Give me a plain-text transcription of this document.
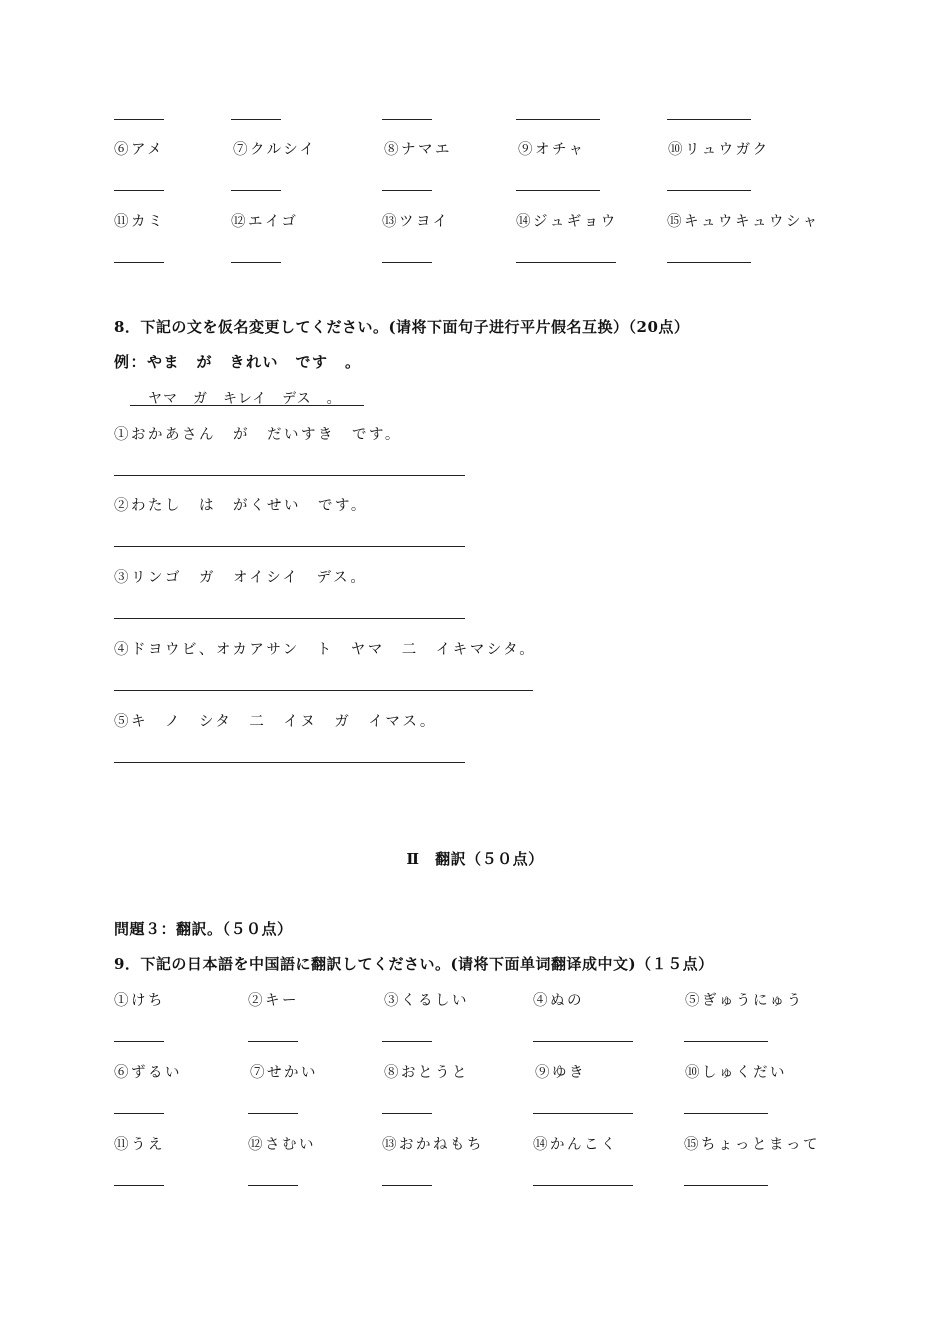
⑥アメ	⑦クルシイ	⑧ナマエ	⑨オチャ	⑩リュウガク
⑪カミ	⑫エイゴ	⑬ツヨイ	⑭ジュギョウ	⑮キュウキュウシャ
8．下記の文を仮名変更してください。(请将下面句子进行平片假名互换）（20点）
例：やま　が　きれい　です　。
ヤマ　ガ　キレイ　デス　。
①おかあさん　が　だいすき　です。
②わたし　は　がくせい　です。
③リンゴ　ガ　オイシイ　デス。
④ドヨウビ、オカアサン　ト　ヤマ　二　イキマシタ。
⑤キ　ノ　シタ　二　イヌ　ガ　イマス。
Ⅱ　翻訳（５０点）
問題３：翻訳。（５０点）
9．下記の日本語を中国語に翻訳してください。(请将下面单词翻译成中文)（１５点）
①けち	②キー	③くるしい	④ぬの	⑤ぎゅうにゅう
⑥ずるい	⑦せかい	⑧おとうと	⑨ゆき	⑩しゅくだい
⑪うえ	⑫さむい	⑬おかねもち	⑭かんこく	⑮ちょっとまって
